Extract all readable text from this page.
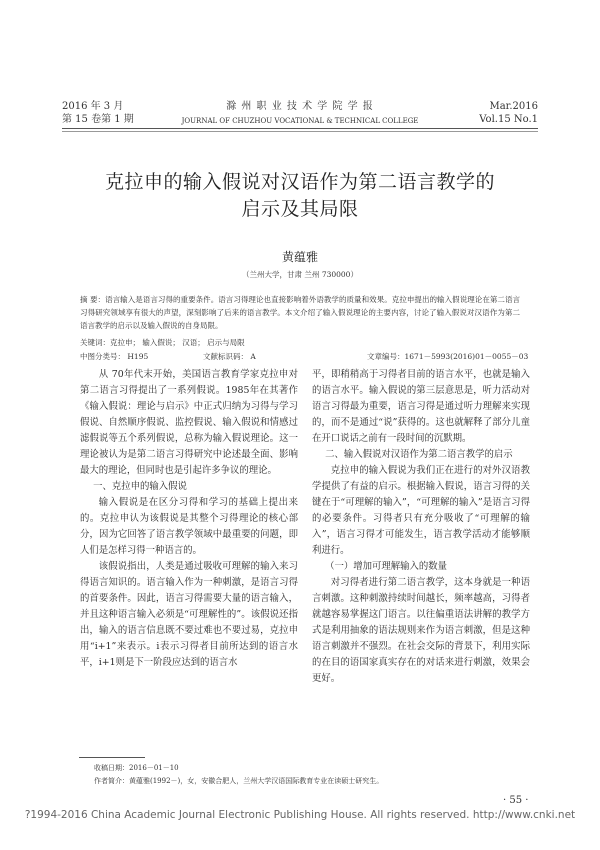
2016 年 3 月
第 15 卷第 1 期
滁 州 职 业 技 术 学 院 学 报
JOURNAL OF CHUZHOU VOCATIONAL & TECHNICAL COLLEGE
Mar.2016
Vol.15 No.1
克拉申的输入假说对汉语作为第二语言教学的
启示及其局限
黄蕴雅
（兰州大学，甘肃 兰州 730000）
摘 要：语言输入是语言习得的重要条件。语言习得理论也直接影响着外语教学的质量和效果。克拉申提出的输入假说理论在第二语言习得研究领域享有很大的声望，深刻影响了后来的语言教学。本文介绍了输入假说理论的主要内容，讨论了输入假说对汉语作为第二语言教学的启示以及输入假说的自身局限。
关键词：克拉申； 输入假说； 汉语； 启示与局限
中图分类号： H195	文献标识码： A	文章编号：1671－5993(2016)01－0055－03

从 70年代末开始，美国语言教育学家克拉申对第二语言习得提出了一系列假说。1985年在其著作《输入假说：理论与启示》中正式归纳为习得与学习假说、自然顺序假说、监控假说、输入假说和情感过滤假说等五个系列假说，总称为输入假说理论。这一理论被认为是第二语言习得研究中论述最全面、影响最大的理论，但同时也是引起许多争议的理论。

一、克拉申的输入假说

输入假说是在区分习得和学习的基础上提出来的。克拉申认为该假说是其整个习得理论的核心部分，因为它回答了语言教学领域中最重要的问题，即人们是怎样习得一种语言的。

该假说指出，人类是通过吸收可理解的输入来习得语言知识的。语言输入作为一种刺激，是语言习得的首要条件。因此，语言习得需要大量的语言输入，并且这种语言输入必须是“可理解性的”。该假说还指出，输入的语言信息既不要过难也不要过易，克拉申用“i+1”来表示。i表示习得者目前所达到的语言水平，i+1则是下一阶段应达到的语言水

平，即稍稍高于习得者目前的语言水平，也就是输入的语言水平。输入假说的第三层意思是，听力活动对语言习得最为重要，语言习得是通过听力理解来实现的，而不是通过“说”获得的。这也就解释了部分儿童在开口说话之前有一段时间的沉默期。

二、输入假说对汉语作为第二语言教学的启示

克拉申的输入假说为我们正在进行的对外汉语教学提供了有益的启示。根据输入假说，语言习得的关键在于“可理解的输入”，“可理解的输入”是语言习得的必要条件。习得者只有充分吸收了“可理解的输入”，语言习得才可能发生，语言教学活动才能够顺利进行。

（一）增加可理解输入的数量

对习得者进行第二语言教学，这本身就是一种语言刺激。这种刺激持续时间越长，频率越高，习得者就越容易掌握这门语言。以往偏重语法讲解的教学方式是利用抽象的语法规则来作为语言刺激，但是这种语言刺激并不强烈。在社会交际的背景下，利用实际的在目的语国家真实存在的对话来进行刺激，效果会更好。

收稿日期：2016－01－10
作者简介：黄蕴雅(1992－)，女，安徽合肥人，兰州大学汉语国际教育专业在读硕士研究生。
· 55 ·
?1994-2016 China Academic Journal Electronic Publishing House. All rights reserved. http://www.cnki.net
